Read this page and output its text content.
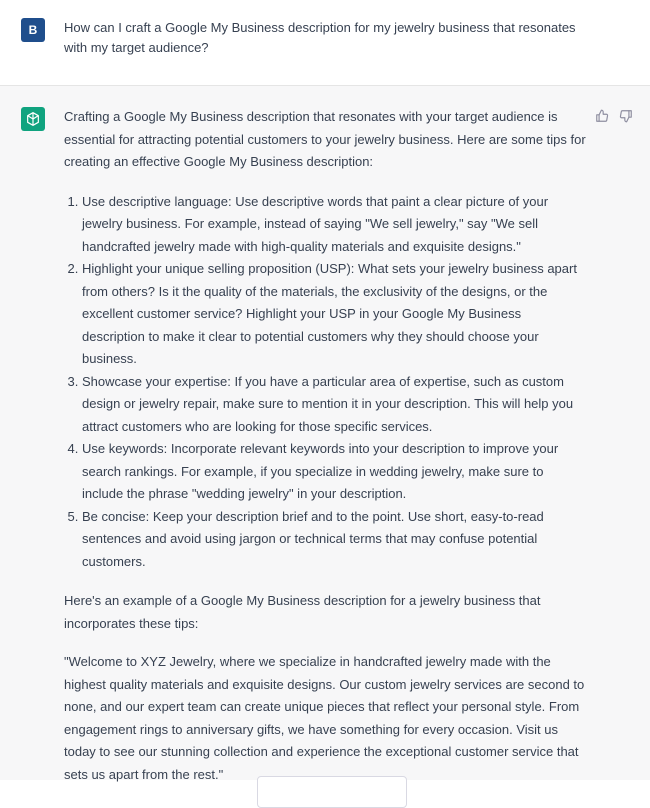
B	How can I craft a Google My Business description for my jewelry business that resonates with my target audience?

Crafting a Google My Business description that resonates with your target audience is essential for attracting potential customers to your jewelry business. Here are some tips for creating an effective Google My Business description:

1. Use descriptive language: Use descriptive words that paint a clear picture of your jewelry business. For example, instead of saying "We sell jewelry," say "We sell handcrafted jewelry made with high-quality materials and exquisite designs."
2. Highlight your unique selling proposition (USP): What sets your jewelry business apart from others? Is it the quality of the materials, the exclusivity of the designs, or the excellent customer service? Highlight your USP in your Google My Business description to make it clear to potential customers why they should choose your business.
3. Showcase your expertise: If you have a particular area of expertise, such as custom design or jewelry repair, make sure to mention it in your description. This will help you attract customers who are looking for those specific services.
4. Use keywords: Incorporate relevant keywords into your description to improve your search rankings. For example, if you specialize in wedding jewelry, make sure to include the phrase "wedding jewelry" in your description.
5. Be concise: Keep your description brief and to the point. Use short, easy-to-read sentences and avoid using jargon or technical terms that may confuse potential customers.

Here's an example of a Google My Business description for a jewelry business that incorporates these tips:

"Welcome to XYZ Jewelry, where we specialize in handcrafted jewelry made with the highest quality materials and exquisite designs. Our custom jewelry services are second to none, and our expert team can create unique pieces that reflect your personal style. From engagement rings to anniversary gifts, we have something for every occasion. Visit us today to see our stunning collection and experience the exceptional customer service that sets us apart from the rest."
